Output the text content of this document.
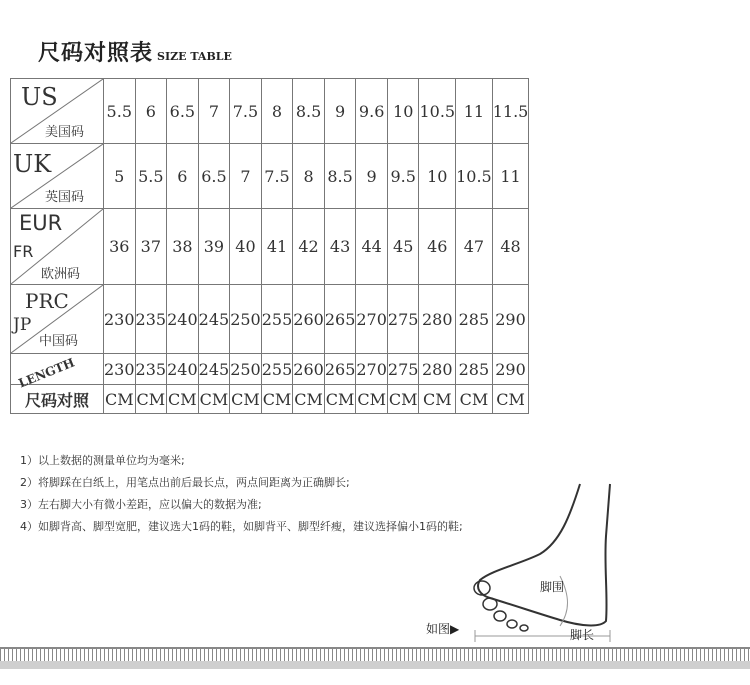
尺码对照表 SIZE TABLE
US
美国码	5.5	6	6.5	7	7.5	8	8.5	9	9.6	10	10.5	11	11.5

UK
英国码	5	5.5	6	6.5	7	7.5	8	8.5	9	9.5	10	10.5	11

EUR
FR
欧洲码	36	37	38	39	40	41	42	43	44	45	46	47	48

PRC
JP
中国码	230	235	240	245	250	255	260	265	270	275	280	285	290

LENGTH	230	235	240	245	250	255	260	265	270	275	280	285	290
尺码对照	CM	CM	CM	CM	CM	CM	CM	CM	CM	CM	CM	CM	CM
1）以上数据的测量单位均为毫米;
2）将脚踩在白纸上，用笔点出前后最长点，两点间距离为正确脚长;
3）左右脚大小有微小差距，应以偏大的数据为准;
4）如脚背高、脚型宽肥，建议选大1码的鞋，如脚背平、脚型纤瘦，建议选择偏小1码的鞋;
脚围
脚长
如图▶
